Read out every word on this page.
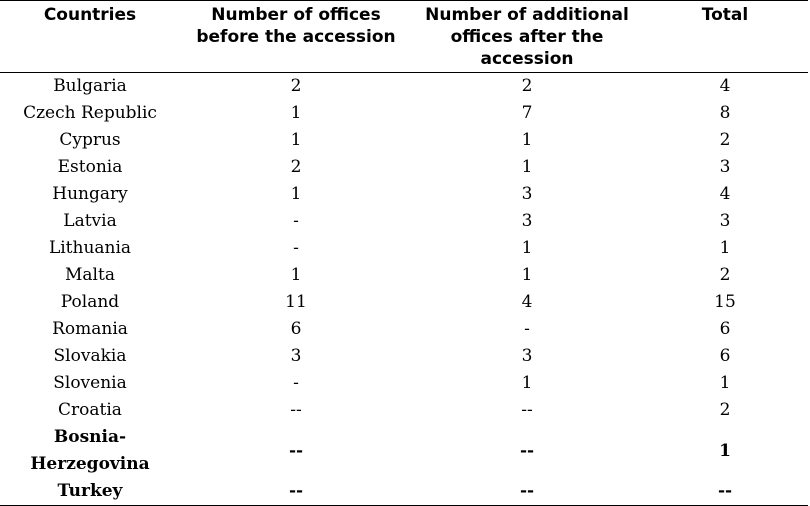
Countries	Number of offices before the accession	Number of additional offices after the accession	Total
Bulgaria	2	2	4
Czech Republic	1	7	8
Cyprus	1	1	2
Estonia	2	1	3
Hungary	1	3	4
Latvia	-	3	3
Lithuania	-	1	1
Malta	1	1	2
Poland	11	4	15
Romania	6	-	6
Slovakia	3	3	6
Slovenia	-	1	1
Croatia	--	--	2
Bosnia-Herzegovina	--	--	1
Turkey	--	--	--
